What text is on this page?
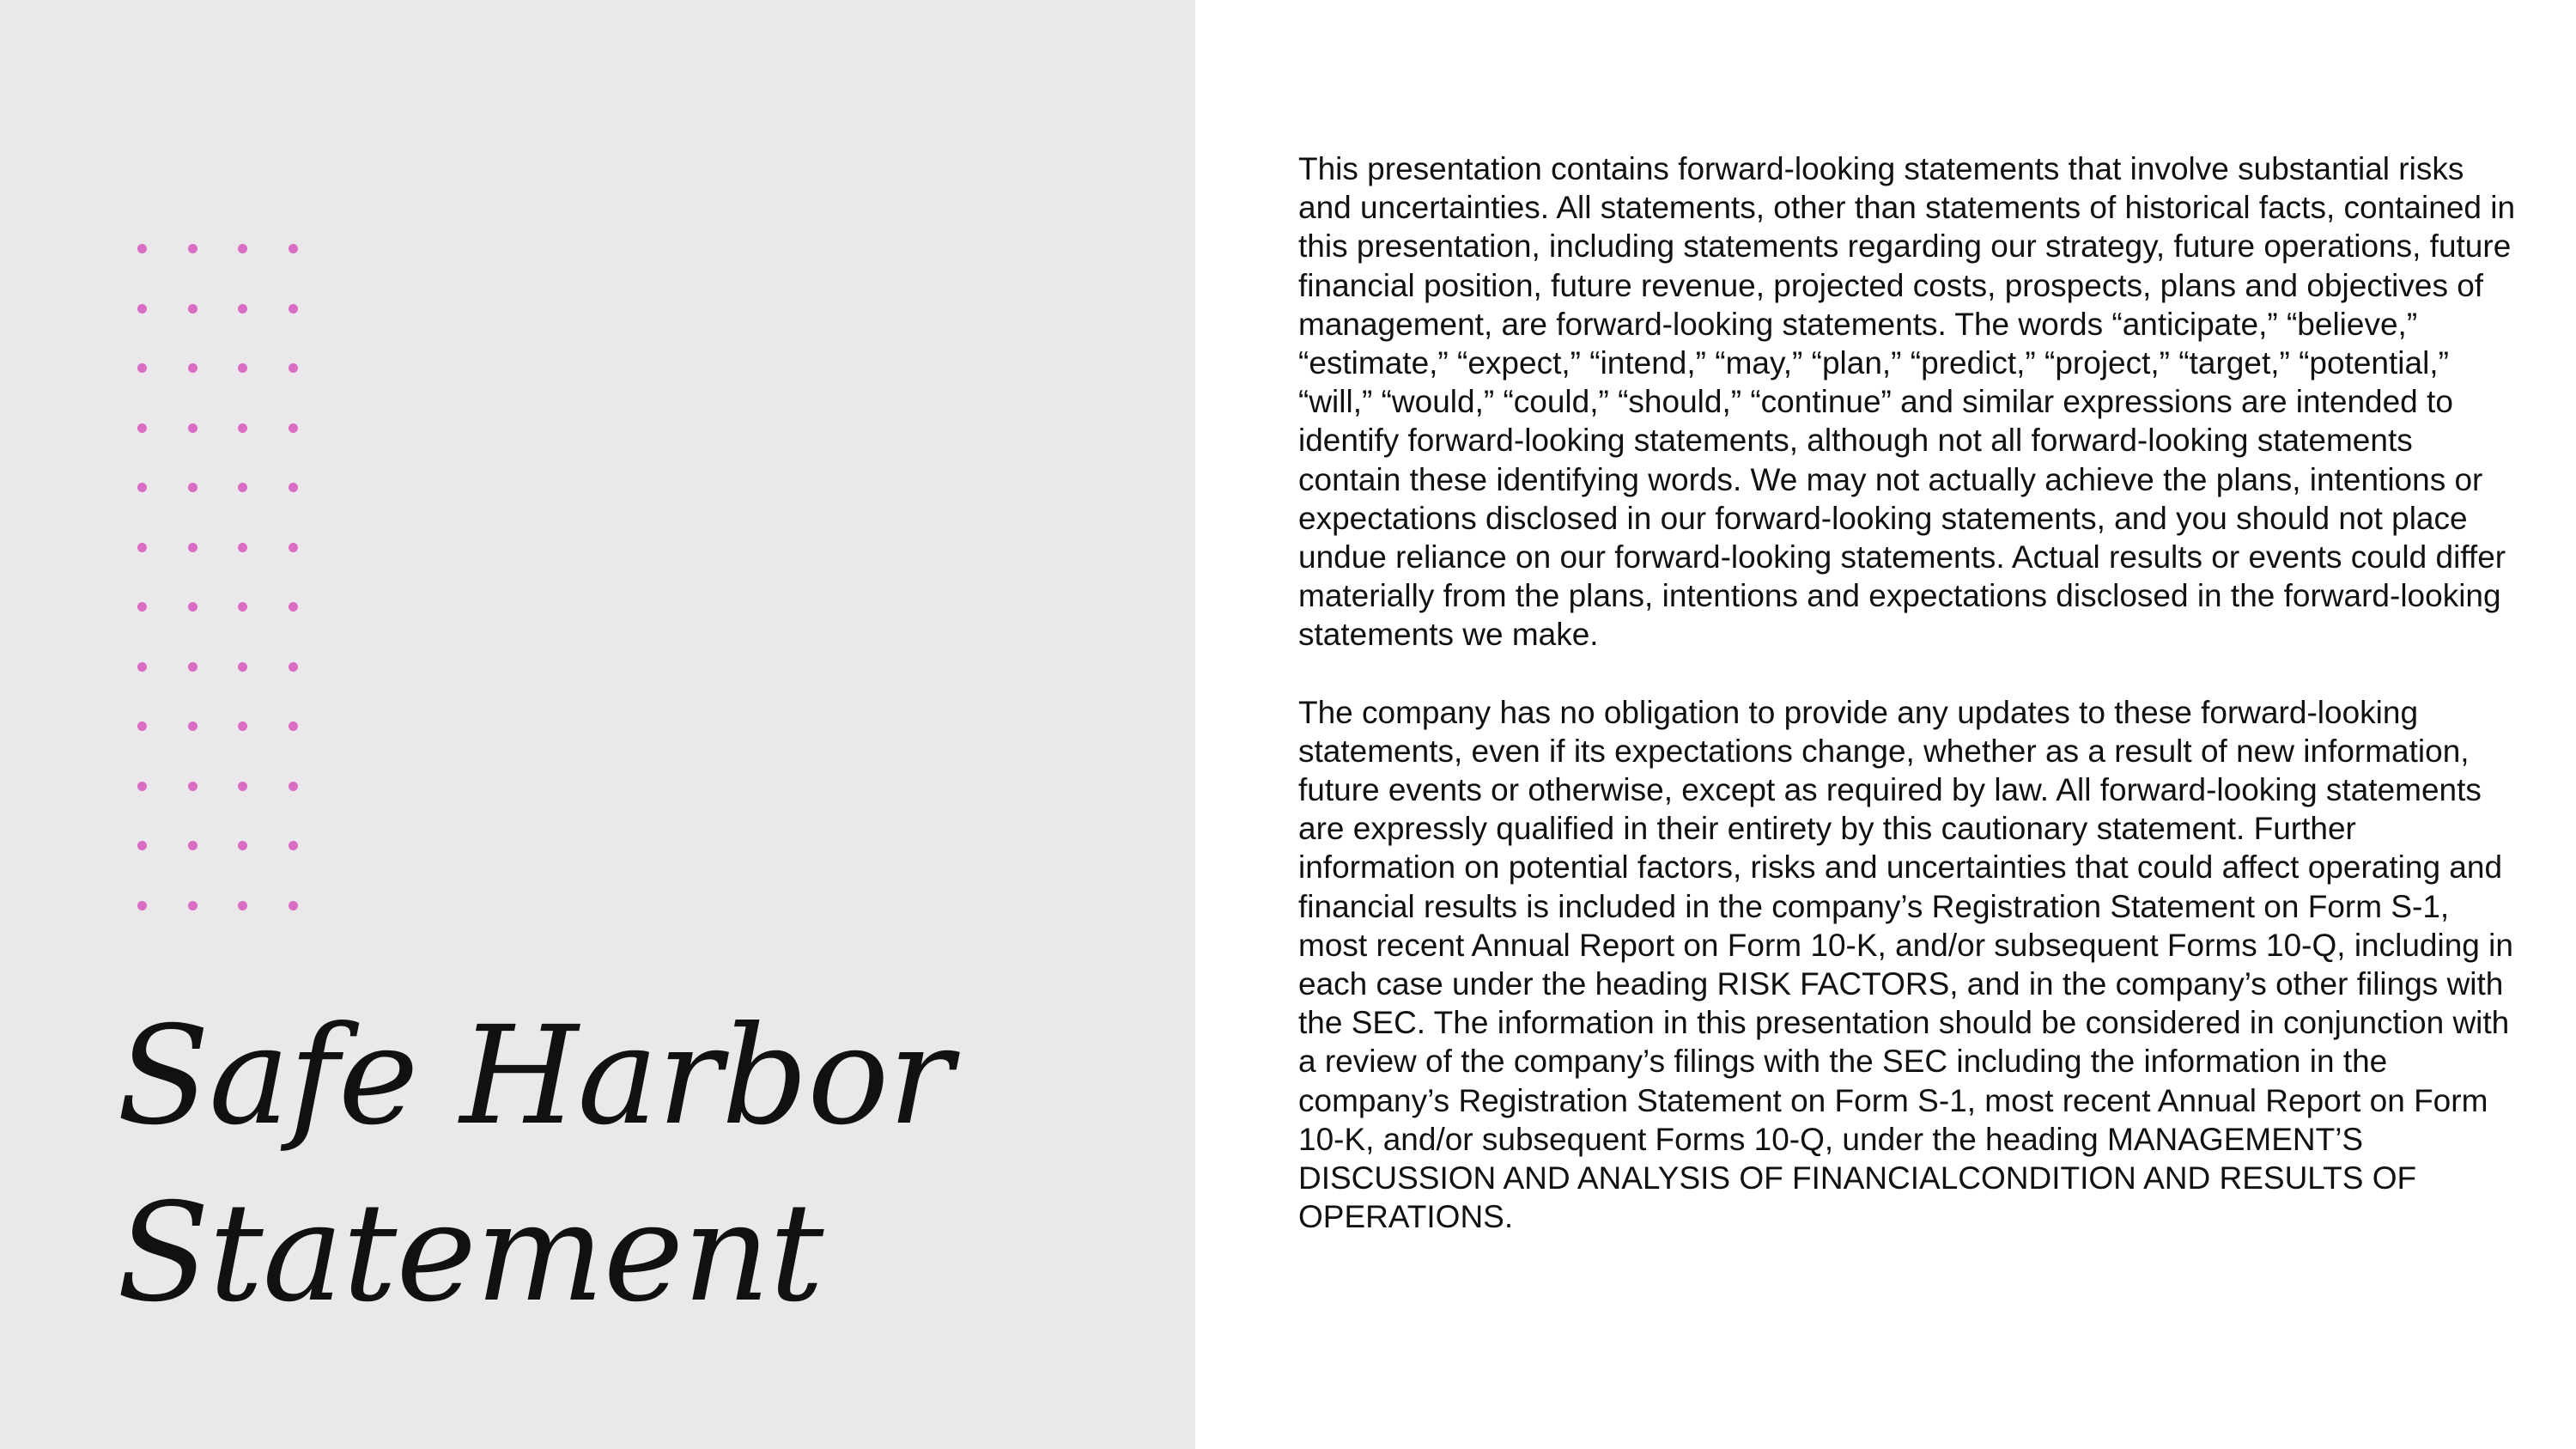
Safe Harbor
Statement

This presentation contains forward-looking statements that involve substantial risks and uncertainties. All statements, other than statements of historical facts, contained in this presentation, including statements regarding our strategy, future operations, future financial position, future revenue, projected costs, prospects, plans and objectives of management, are forward-looking statements. The words “anticipate,” “believe,” “estimate,” “expect,” “intend,” “may,” “plan,” “predict,” “project,” “target,” “potential,” “will,” “would,” “could,” “should,” “continue” and similar expressions are intended to identify forward-looking statements, although not all forward-looking statements contain these identifying words. We may not actually achieve the plans, intentions or expectations disclosed in our forward-looking statements, and you should not place undue reliance on our forward-looking statements. Actual results or events could differ materially from the plans, intentions and expectations disclosed in the forward-looking statements we make.

The company has no obligation to provide any updates to these forward-looking statements, even if its expectations change, whether as a result of new information, future events or otherwise, except as required by law. All forward-looking statements are expressly qualified in their entirety by this cautionary statement. Further information on potential factors, risks and uncertainties that could affect operating and financial results is included in the company’s Registration Statement on Form S-1, most recent Annual Report on Form 10-K, and/or subsequent Forms 10-Q, including in each case under the heading RISK FACTORS, and in the company’s other filings with the SEC. The information in this presentation should be considered in conjunction with a review of the company’s filings with the SEC including the information in the company’s Registration Statement on Form S-1, most recent Annual Report on Form 10-K, and/or subsequent Forms 10-Q, under the heading MANAGEMENT’S DISCUSSION AND ANALYSIS OF FINANCIALCONDITION AND RESULTS OF OPERATIONS.
